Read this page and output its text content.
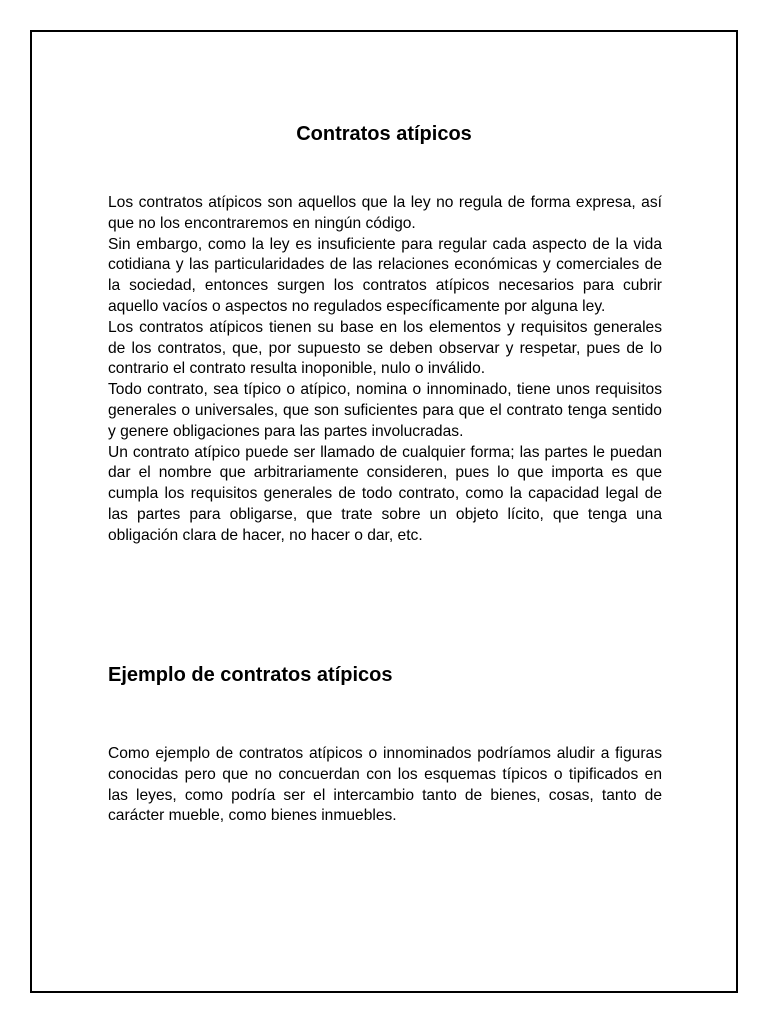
Contratos atípicos

Los contratos atípicos son aquellos que la ley no regula de forma expresa, así que no los encontraremos en ningún código.

Sin embargo, como la ley es insuficiente para regular cada aspecto de la vida cotidiana y las particularidades de las relaciones económicas y comerciales de la sociedad, entonces surgen los contratos atípicos necesarios para cubrir aquello vacíos o aspectos no regulados específicamente por alguna ley.

Los contratos atípicos tienen su base en los elementos y requisitos generales de los contratos, que, por supuesto se deben observar y respetar, pues de lo contrario el contrato resulta inoponible, nulo o inválido.

Todo contrato, sea típico o atípico, nomina o innominado, tiene unos requisitos generales o universales, que son suficientes para que el contrato tenga sentido y genere obligaciones para las partes involucradas.

Un contrato atípico puede ser llamado de cualquier forma; las partes le puedan dar el nombre que arbitrariamente consideren, pues lo que importa es que cumpla los requisitos generales de todo contrato, como la capacidad legal de las partes para obligarse, que trate sobre un objeto lícito, que tenga una obligación clara de hacer, no hacer o dar, etc.

Ejemplo de contratos atípicos

Como ejemplo de contratos atípicos o innominados podríamos aludir a figuras conocidas pero que no concuerdan con los esquemas típicos o tipificados en las leyes, como podría ser el intercambio tanto de bienes, cosas, tanto de carácter mueble, como bienes inmuebles.
